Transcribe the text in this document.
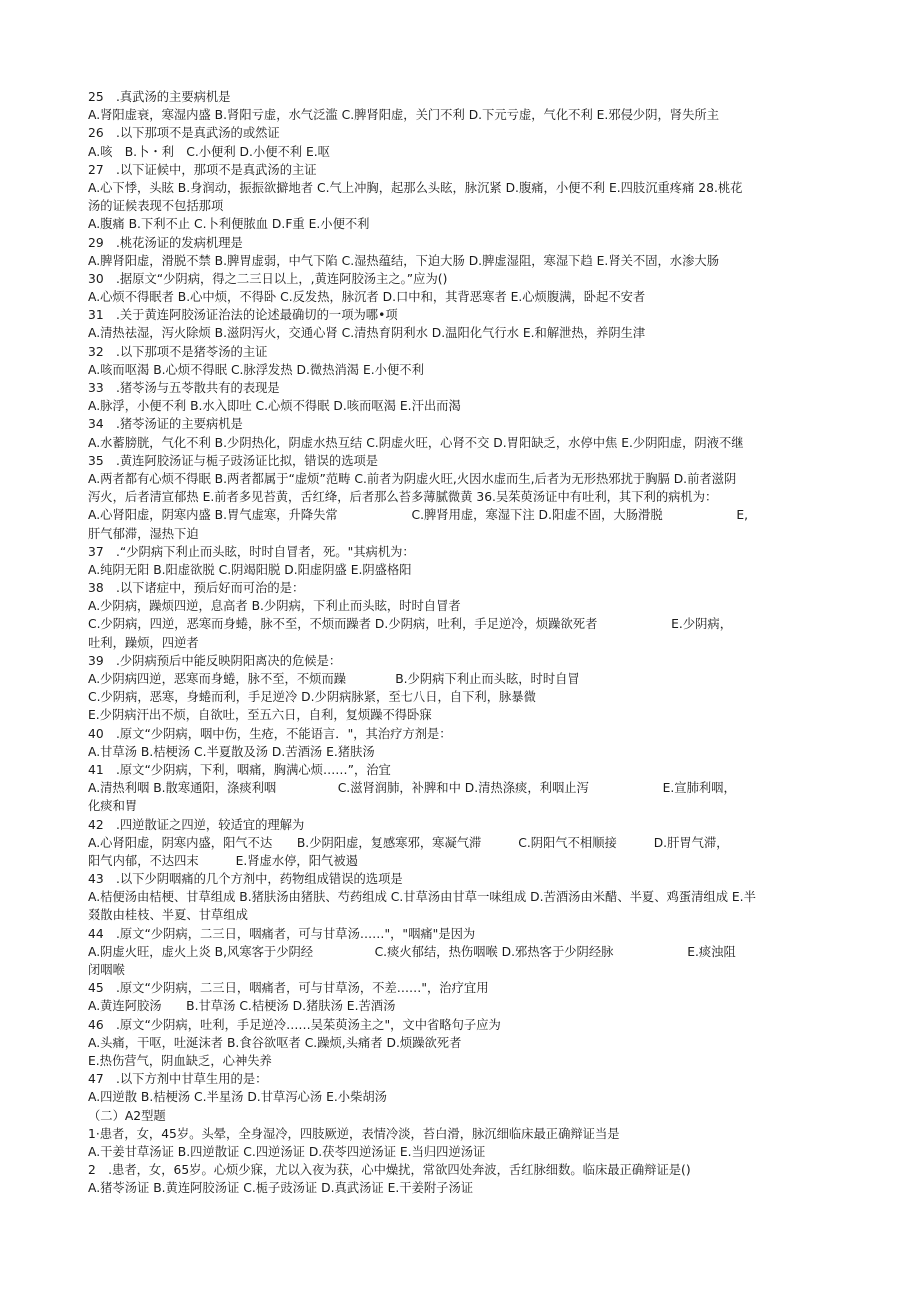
25　.真武汤的主要病机是
A.肾阳虚衰，寒湿内盛 B.肾阳亏虚，水气泛滥 C.脾肾阳虚，关门不利 D.下元亏虚，气化不利 E.邪侵少阴，肾失所主
26　.以下那项不是真武汤的或然证
A.咳　B.卜・利　C.小便利 D.小便不利 E.呕
27　.以下证候中，那项不是真武汤的主证
A.心下悸，头眩 B.身润动，振振欲擗地者 C.气上冲胸，起那么头眩，脉沉紧 D.腹痛，小便不利 E.四肢沉重疼痛 28.桃花
汤的证候表现不包括那项
A.腹痛 B.下利不止 C.卜利便脓血 D.F重 E.小便不利
29　.桃花汤证的发病机理是
A.脾肾阳虚，滑脱不禁 B.脾胃虚弱，中气下陷 C.湿热蕴结，下迫大肠 D.脾虚湿阻，寒湿下趋 E.肾关不固，水渗大肠
30　.据原文“少阴病，得之二三日以上，,黄连阿胶汤主之。”应为()
A.心烦不得眠者 B.心中烦，不得卧 C.反发热，脉沉者 D.口中和，其背恶寒者 E.心烦腹满，卧起不安者
31　.关于黄连阿胶汤证治法的论述最确切的一项为哪•项
A.清热祛湿，泻火除烦 B.滋阴泻火，交通心肾 C.清热育阴利水 D.温阳化气行水 E.和解泄热，养阴生津
32　.以下那项不是猪苓汤的主证
A.咳而呕渴 B.心烦不得眠 C.脉浮发热 D.微热消渴 E.小便不利
33　.猪苓汤与五苓散共有的表现是
A.脉浮，小便不利 B.水入即吐 C.心烦不得眠 D.咳而呕渴 E.汗出而渴
34　.猪苓汤证的主要病机是
A.水蓄膀胱，气化不利 B.少阴热化，阴虚水热互结 C.阴虚火旺，心肾不交 D.胃阳缺乏，水停中焦 E.少阴阳虚，阴液不继
35　.黄连阿胶汤证与栀子豉汤证比拟，错误的选项是
A.两者都有心烦不得眠 B.两者都属于“虚烦”范畴 C.前者为阴虚火旺,火因水虚而生,后者为无形热邪扰于胸膈 D.前者滋阴
泻火，后者清宣郁热 E.前者多见苔黄，舌红绛，后者那么苔多薄腻微黄 36.吴茱萸汤证中有吐利，其下利的病机为：
A.心肾阳虚，阴寒内盛 B.胃气虚寒，升降失常　　　　　　C.脾肾用虚，寒湿下注 D.阳虚不固，大肠滑脱　　　　　　E,
肝气郁滞，湿热下迫
37　.“少阴病下利止而头眩，时时自冒者，死。"其病机为：
A.纯阴无阳 B.阳虚欲脱 C.阴竭阳脱 D.阳虚阴盛 E.阴盛格阳
38　.以下诸症中，预后好而可治的是：
A.少阴病，躁烦四逆，息高者 B.少阴病，下利止而头眩，时时自冒者
C.少阴病，四逆，恶寒而身蜷，脉不至，不烦而躁者 D.少阴病，吐利，手足逆冷，烦躁欲死者　　　　　　E.少阴病，
吐利，躁烦，四逆者
39　.少阴病预后中能反映阴阳离决的危候是：
A.少阴病四逆，恶寒而身蜷，脉不至，不烦而躁　　　　B.少阴病下利止而头眩，时时自冒
C.少阴病，恶寒，身蜷而利，手足逆冷 D.少阴病脉紧，至七八日，自下利，脉暴微
E.少阴病汗出不烦，自欲吐，至五六日，自利，复烦躁不得卧寐
40　.原文“少阴病，咽中伤，生疮，不能语言．"，其治疗方剂是：
A.甘草汤 B.桔梗汤 C.半夏散及汤 D.苦酒汤 E.猪肤汤
41　.原文“少阴病，下利，咽痛，胸满心烦……”，治宜
A.清热利咽 B.散寒通阳，涤痰利咽　　　　　C.滋肾润肺，补脾和中 D.清热涤痰，利咽止泻　　　　　　E.宣肺利咽，
化痰和胃
42　.四逆散证之四逆，较适宜的理解为
A.心肾阳虚，阴寒内盛，阳气不达　　B.少阴阳虚，复感寒邪，寒凝气滞　　　C.阴阳气不相顺接　　　D.肝胃气滞，
阳气内郁，不达四末　　　E.肾虚水停，阳气被遏
43　.以下少阴咽痛的几个方剂中，药物组成错误的选项是
A.桔便汤由桔梗、甘草组成 B.猪肤汤由猪肤、芍药组成 C.甘草汤由甘草一味组成 D.苦酒汤由米醋、半夏、鸡蛋清组成 E.半
叕散由桂枝、半夏、甘草组成
44　.原文“少阴病，二三日，咽痛者，可与甘草汤……"，"咽痛"是因为
A.阴虚火旺，虚火上炎 B,风寒客于少阴经　　　　　C.痰火郁结，热伤咽喉 D.邪热客于少阴经脉　　　　　　E.痰浊阻
闭咽喉
45　.原文“少阴病，二三日，咽痛者，可与甘草汤，不差……"，治疗宜用
A.黄连阿胶汤　　B.甘草汤 C.桔梗汤 D.猪肤汤 E.苦酒汤
46　.原文“少阴病，吐利，手足逆冷……吴茱萸汤主之"，文中省略句子应为
A.头痛，干呕，吐涎沫者 B.食谷欲呕者 C.躁烦,头痛者 D.烦躁欲死者
E.热伤营气，阴血缺乏，心神失养
47　.以下方剂中甘草生用的是：
A.四逆散 B.桔梗汤 C.半星汤 D.甘草泻心汤 E.小柴胡汤
（二）A2型题
1·患者，女，45岁。头晕，全身湿冷，四肢厥逆，表情冷淡，苔白滑，脉沉细临床最正确辩证当是
A.干姜甘草汤证 B.四逆散证 C.四逆汤证 D.茯苓四逆汤证 E.当归四逆汤证
2　.患者，女，65岁。心烦少寐，尤以入夜为获，心中燥扰，常欲四处奔波，舌红脉细数。临床最正确辩证是()
A.猪苓汤证 B.黄连阿胶汤证 C.栀子豉汤证 D.真武汤证 E.干姜附子汤证
